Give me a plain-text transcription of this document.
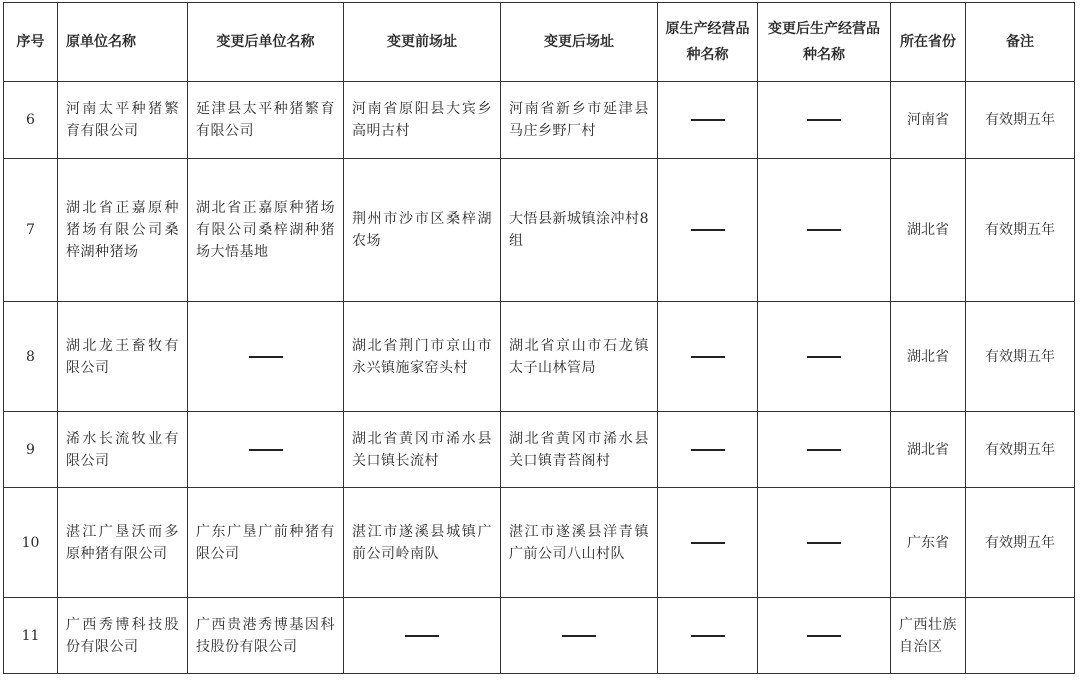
序号	原单位名称	变更后单位名称	变更前场址	变更后场址	原生产经营品种名称	变更后生产经营品种名称	所在省份	备注
6	河南太平种猪繁育有限公司	延津县太平种猪繁育有限公司	河南省原阳县大宾乡高明古村	河南省新乡市延津县马庄乡野厂村			河南省	有效期五年
7	湖北省正嘉原种猪场有限公司桑梓湖种猪场	湖北省正嘉原种猪场有限公司桑梓湖种猪场大悟基地	荆州市沙市区桑梓湖农场	大悟县新城镇涂冲村8组			湖北省	有效期五年
8	湖北龙王畜牧有限公司		湖北省荆门市京山市永兴镇施家窑头村	湖北省京山市石龙镇太子山林管局			湖北省	有效期五年
9	浠水长流牧业有限公司		湖北省黄冈市浠水县关口镇长流村	湖北省黄冈市浠水县关口镇青苔阁村			湖北省	有效期五年
10	湛江广垦沃而多原种猪有限公司	广东广垦广前种猪有限公司	湛江市遂溪县城镇广前公司岭南队	湛江市遂溪县洋青镇广前公司八山村队			广东省	有效期五年
11	广西秀博科技股份有限公司	广西贵港秀博基因科技股份有限公司					广西壮族自治区	
